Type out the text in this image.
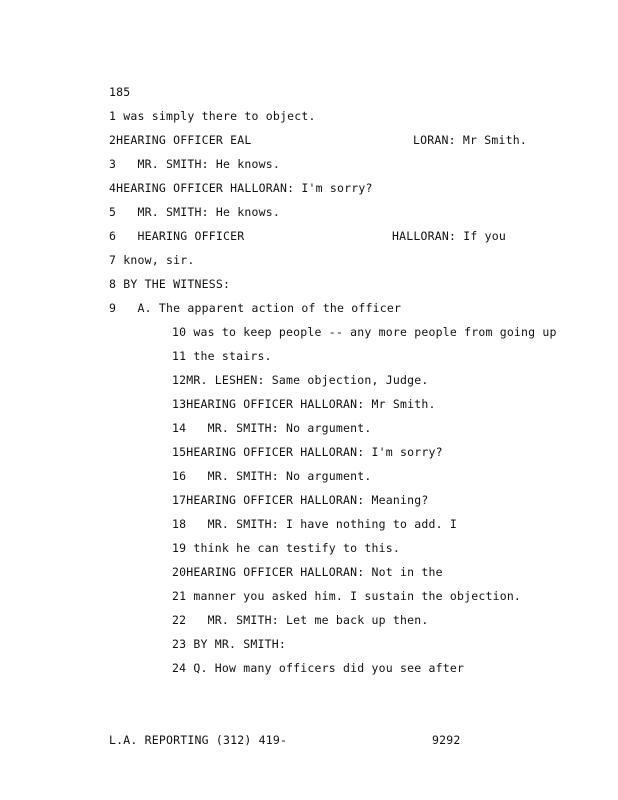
185
1 was simply there to object.
2HEARING OFFICER EAL	LORAN: Mr Smith.
3 MR. SMITH: He knows.
4HEARING OFFICER HALLORAN: I'm sorry?
5 MR. SMITH: He knows.
6 HEARING OFFICER	HALLORAN: If you
7 know, sir.
8 BY THE WITNESS:
9 A. The apparent action of the officer
10 was to keep people -- any more people from going up
11 the stairs.
12MR. LESHEN: Same objection, Judge.
13HEARING OFFICER HALLORAN: Mr Smith.
14 MR. SMITH: No argument.
15HEARING OFFICER HALLORAN: I'm sorry?
16 MR. SMITH: No argument.
17HEARING OFFICER HALLORAN: Meaning?
18 MR. SMITH: I have nothing to add. I
19 think he can testify to this.
20HEARING OFFICER HALLORAN: Not in the
21 manner you asked him. I sustain the objection.
22 MR. SMITH: Let me back up then.
23 BY MR. SMITH:
24 Q. How many officers did you see after
L.A. REPORTING (312) 419-	9292
